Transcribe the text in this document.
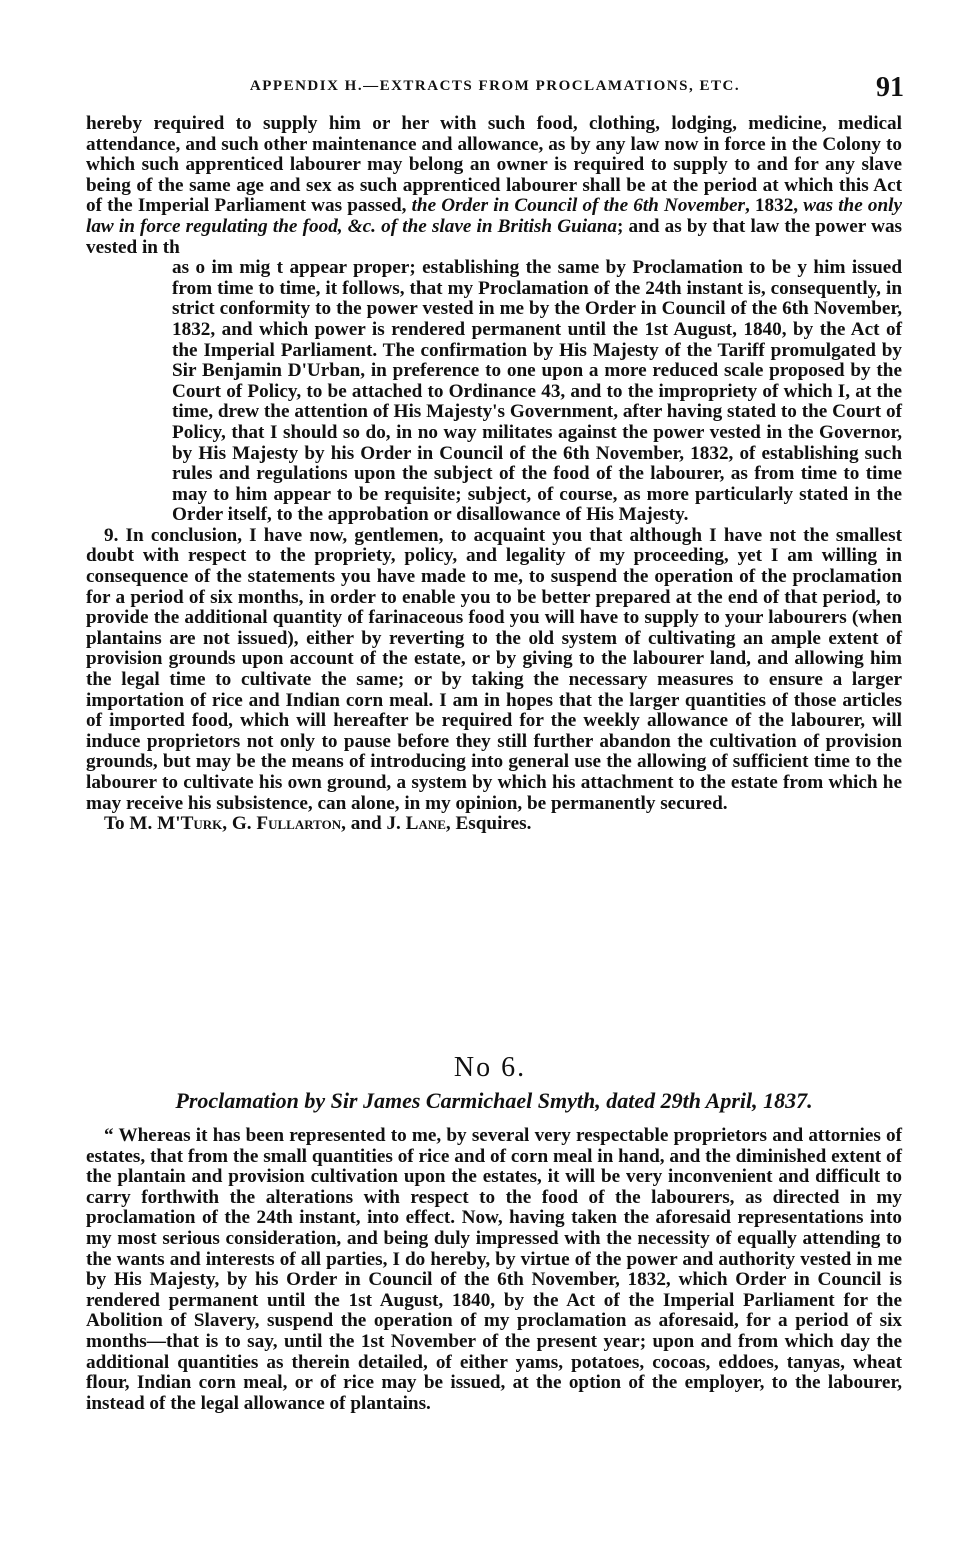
APPENDIX H.—EXTRACTS FROM PROCLAMATIONS, ETC.	91

hereby required to supply him or her with such food, clothing, lodging, medicine, medical attendance, and such other maintenance and allowance, as by any law now in force in the Colony to which such apprenticed labourer may belong an owner is required to supply to and for any slave being of the same age and sex as such apprenticed labourer shall be at the period at which this Act of the Imperial Parliament was passed, the Order in Council of the 6th November, 1832, was the only law in force regulating the food, &c. of the slave in British Guiana; and as by that law the power was vested in th

as o im mig t appear proper; establishing the same by Proclamation to be y him issued from time to time, it follows, that my Proclamation of the 24th instant is, consequently, in strict conformity to the power vested in me by the Order in Council of the 6th November, 1832, and which power is rendered permanent until the 1st August, 1840, by the Act of the Imperial Parliament. The confirmation by His Majesty of the Tariff promulgated by Sir Benjamin D'Urban, in preference to one upon a more reduced scale proposed by the Court of Policy, to be attached to Ordinance 43, and to the impropriety of which I, at the time, drew the attention of His Majesty's Government, after having stated to the Court of Policy, that I should so do, in no way militates against the power vested in the Governor, by His Majesty by his Order in Council of the 6th November, 1832, of establishing such rules and regulations upon the subject of the food of the labourer, as from time to time may to him appear to be requisite; subject, of course, as more particularly stated in the Order itself, to the approbation or disallowance of His Majesty.

9. In conclusion, I have now, gentlemen, to acquaint you that although I have not the smallest doubt with respect to the propriety, policy, and legality of my proceeding, yet I am willing in consequence of the statements you have made to me, to suspend the operation of the proclamation for a period of six months, in order to enable you to be better prepared at the end of that period, to provide the additional quantity of farinaceous food you will have to supply to your labourers (when plantains are not issued), either by reverting to the old system of cultivating an ample extent of provision grounds upon account of the estate, or by giving to the labourer land, and allowing him the legal time to cultivate the same; or by taking the necessary measures to ensure a larger importation of rice and Indian corn meal. I am in hopes that the larger quantities of those articles of imported food, which will hereafter be required for the weekly allowance of the labourer, will induce proprietors not only to pause before they still further abandon the cultivation of provision grounds, but may be the means of introducing into general use the allowing of sufficient time to the labourer to cultivate his own ground, a system by which his attachment to the estate from which he may receive his subsistence, can alone, in my opinion, be permanently secured.

To M. M'Turk, G. Fullarton, and J. Lane, Esquires.

No 6.
Proclamation by Sir James Carmichael Smyth, dated 29th April, 1837.

“ Whereas it has been represented to me, by several very respectable proprietors and attornies of estates, that from the small quantities of rice and of corn meal in hand, and the diminished extent of the plantain and provision cultivation upon the estates, it will be very inconvenient and difficult to carry forthwith the alterations with respect to the food of the labourers, as directed in my proclamation of the 24th instant, into effect. Now, having taken the aforesaid representations into my most serious consideration, and being duly impressed with the necessity of equally attending to the wants and interests of all parties, I do hereby, by virtue of the power and authority vested in me by His Majesty, by his Order in Council of the 6th November, 1832, which Order in Council is rendered permanent until the 1st August, 1840, by the Act of the Imperial Parliament for the Abolition of Slavery, suspend the operation of my proclamation as aforesaid, for a period of six months—that is to say, until the 1st November of the present year; upon and from which day the additional quantities as therein detailed, of either yams, potatoes, cocoas, eddoes, tanyas, wheat flour, Indian corn meal, or of rice may be issued, at the option of the employer, to the labourer, instead of the legal allowance of plantains.
